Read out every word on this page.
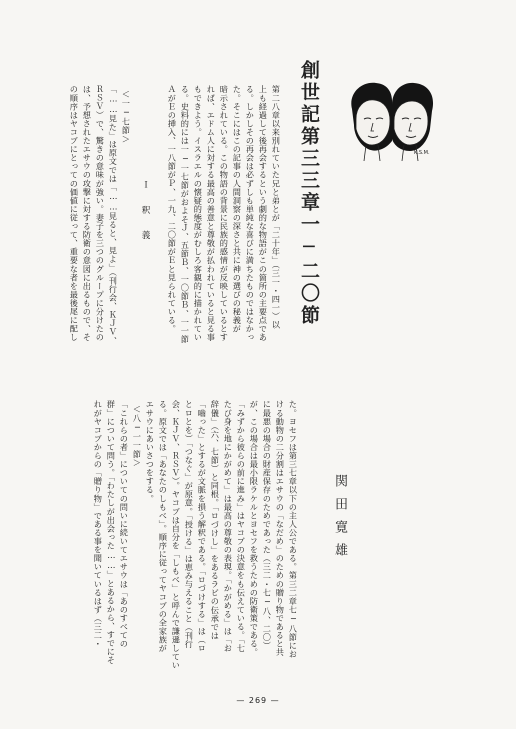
K.S.M.
創世記第三三章一─二〇節
関田寛雄
第二八章以来別れていた兄と弟とが「二十年」（三一・四一）以
上も経過して後再会するという劇的な物語がこの箇所の主要点であ
る。しかしその再会は必ずしも単純な喜びに満ちたものではなかっ
た。そこにはこの記事の人間洞察の深さと共に神の選びの秘義が
暗示されている。この物語の背景に民族的感情が反映しているとす
れば、エドム人に対する最高の善意と尊敬が払われていると見る事
もできよう。イスラエルの懐疑的態度がむしろ客観的に描かれてい
る。史料的には一─一七節がおよそＪ、五節Ｂ、一〇節Ｂ、一一節
ＡがＥの挿入、一八節がＰ、一九、二〇節がＥと見られている。
Ｉ　釈　義
＜一─七節＞
「……見た」は原文では「……見ると、見よ」（刊行会、ＫＪＶ、
ＲＳＶ）で、驚きの意味が強い。妻子を三つのグループに分けたの
は、予想されたエサウの攻撃に対する防衛の意図に出るもので、そ
の順序はヤコブにとっての価値に従って、重要な者を最後尾に配し
た。ヨセフは第三七章以下の主人公である。第三二章七─八節にお
ける動物の二分割はエサウの「なだめ」のための贈り物であると共
に最悪の場合の財産保存のためであった（三二・七─八、二〇）
が、この場合は最小限ラケルとヨセフを救うための防衛策である。
「みずから彼らの前に進み」はヤコブの決意をも伝えている。「七
たび身を地にかがめて」は最高の尊敬の表現。「かがめる」は「お
辞儀」（六、七節）と同根。「ロづけし」をあるラビの伝承では
「嚙った」とするが文脈を損う解釈である。「ロづけする」は（ロ
とロとを）「つなぐ」が原意。「授ける」は恵み与えること（刊行
会、ＫＪＶ、ＲＳＶ）。ヤコブは自分を「しもべ」と呼んで謙遜してい
る。原文では「あなたのしもべ」。順序に従ってヤコブの全家族が
エサウにあいさつをする。
＜八─一一節＞
「これらの者」についての問いに続いてエサウは「あのすべての
群」について問う。「わたしが出会った……」とあるから、すでにそ
れがヤコブからの「贈り物」である事を聞いているはず（三二・
— 269 —
